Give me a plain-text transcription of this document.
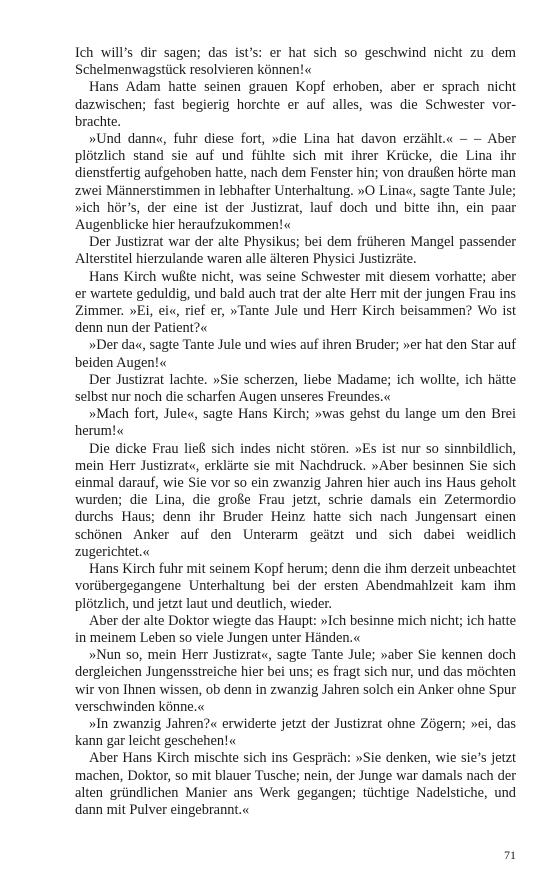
Ich will’s dir sagen; das ist’s: er hat sich so geschwind nicht zu dem Schelmenwagstück resolvieren können!«

Hans Adam hatte seinen grauen Kopf erhoben, aber er sprach nicht dazwischen; fast begierig horchte er auf alles, was die Schwester vorbrachte.

»Und dann«, fuhr diese fort, »die Lina hat davon erzählt.« – – Aber plötzlich stand sie auf und fühlte sich mit ihrer Krücke, die Lina ihr dienstfertig aufgehoben hatte, nach dem Fenster hin; von draußen hörte man zwei Männerstimmen in lebhafter Unterhaltung. »O Lina«, sagte Tante Jule; »ich hör’s, der eine ist der Justizrat, lauf doch und bitte ihn, ein paar Augenblicke hier heraufzukommen!«

Der Justizrat war der alte Physikus; bei dem früheren Mangel passender Alterstitel hierzulande waren alle älteren Physici Justizräte.

Hans Kirch wußte nicht, was seine Schwester mit diesem vorhatte; aber er wartete geduldig, und bald auch trat der alte Herr mit der jungen Frau ins Zimmer. »Ei, ei«, rief er, »Tante Jule und Herr Kirch beisammen? Wo ist denn nun der Patient?«

»Der da«, sagte Tante Jule und wies auf ihren Bruder; »er hat den Star auf beiden Augen!«

Der Justizrat lachte. »Sie scherzen, liebe Madame; ich wollte, ich hätte selbst nur noch die scharfen Augen unseres Freundes.«

»Mach fort, Jule«, sagte Hans Kirch; »was gehst du lange um den Brei herum!«

Die dicke Frau ließ sich indes nicht stören. »Es ist nur so sinnbildlich, mein Herr Justizrat«, erklärte sie mit Nachdruck. »Aber besinnen Sie sich einmal darauf, wie Sie vor so ein zwanzig Jahren hier auch ins Haus geholt wurden; die Lina, die große Frau jetzt, schrie damals ein Zetermordio durchs Haus; denn ihr Bruder Heinz hatte sich nach Jungensart einen schönen Anker auf den Unterarm geätzt und sich dabei weidlich zugerichtet.«

Hans Kirch fuhr mit seinem Kopf herum; denn die ihm derzeit unbeachtet vorübergegangene Unterhaltung bei der ersten Abendmahlzeit kam ihm plötzlich, und jetzt laut und deutlich, wieder.

Aber der alte Doktor wiegte das Haupt: »Ich besinne mich nicht; ich hatte in meinem Leben so viele Jungen unter Händen.«

»Nun so, mein Herr Justizrat«, sagte Tante Jule; »aber Sie kennen doch dergleichen Jungensstreiche hier bei uns; es fragt sich nur, und das möchten wir von Ihnen wissen, ob denn in zwanzig Jahren solch ein Anker ohne Spur verschwinden könne.«

»In zwanzig Jahren?« erwiderte jetzt der Justizrat ohne Zögern; »ei, das kann gar leicht geschehen!«

Aber Hans Kirch mischte sich ins Gespräch: »Sie denken, wie sie’s jetzt machen, Doktor, so mit blauer Tusche; nein, der Junge war damals nach der alten gründlichen Manier ans Werk gegangen; tüchtige Nadelstiche, und dann mit Pulver eingebrannt.«

71
